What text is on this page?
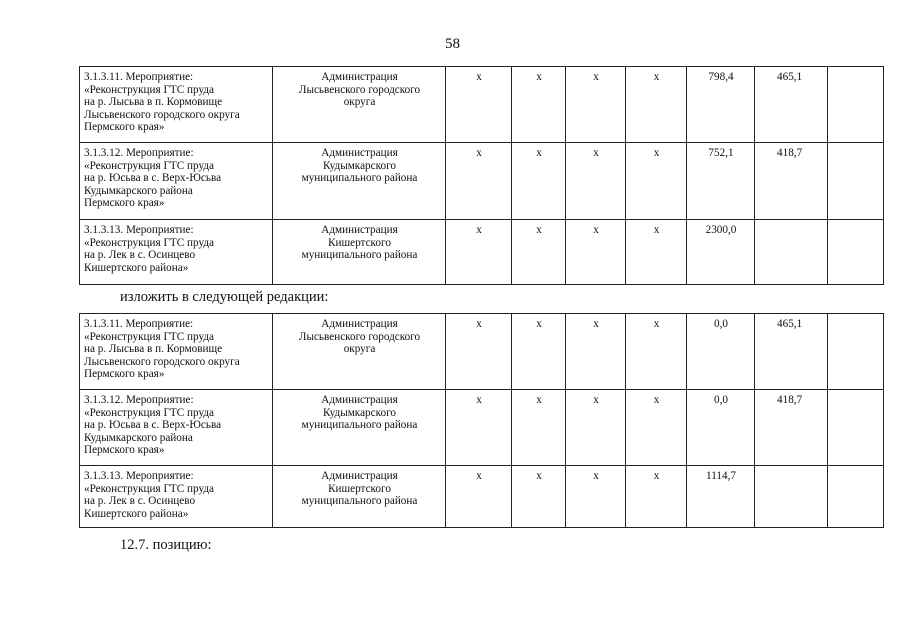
58
3.1.3.11. Мероприятие:
«Реконструкция ГТС пруда
на р. Лысьва в п. Кормовище
Лысьвенского городского округа
Пермского края»	Администрация
Лысьвенского городского
округа	х	х	х	х	798,4	465,1	

3.1.3.12. Мероприятие:
«Реконструкция ГТС пруда
на р. Юсьва в с. Верх-Юсьва
Кудымкарского района
Пермского края»	Администрация
Кудымкарского
муниципального района	х	х	х	х	752,1	418,7	

3.1.3.13. Мероприятие:
«Реконструкция ГТС пруда
на р. Лек в с. Осинцево
Кишертского района»	Администрация
Кишертского
муниципального района	х	х	х	х	2300,0		
изложить в следующей редакции:
3.1.3.11. Мероприятие:
«Реконструкция ГТС пруда
на р. Лысьва в п. Кормовище
Лысьвенского городского округа
Пермского края»	Администрация
Лысьвенского городского
округа	х	х	х	х	0,0	465,1	

3.1.3.12. Мероприятие:
«Реконструкция ГТС пруда
на р. Юсьва в с. Верх-Юсьва
Кудымкарского района
Пермского края»	Администрация
Кудымкарского
муниципального района	х	х	х	х	0,0	418,7	

3.1.3.13. Мероприятие:
«Реконструкция ГТС пруда
на р. Лек в с. Осинцево
Кишертского района»	Администрация
Кишертского
муниципального района	х	х	х	х	1114,7		
12.7. позицию:
